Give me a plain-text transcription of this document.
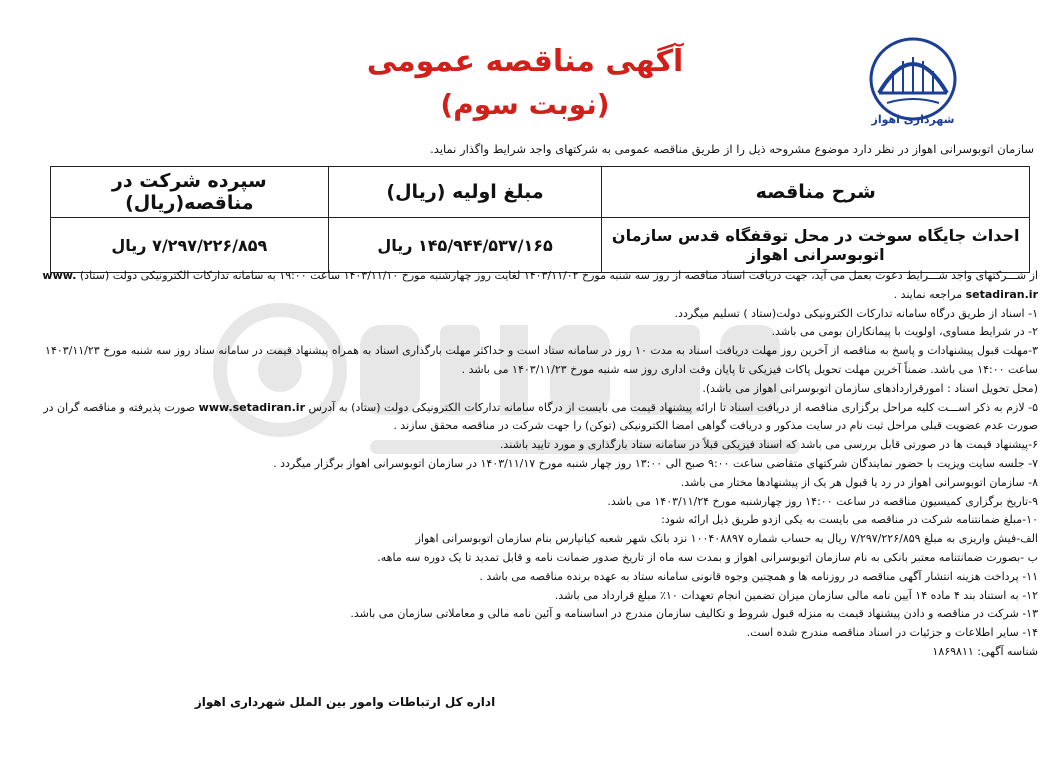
شهرداری اهواز
آگهی مناقصه عمومی
(نوبت سوم)
سازمان اتوبوسرانی اهواز در نظر دارد موضوع مشروحه ذیل را از طریق مناقصه عمومی به شرکتهای واجد شرایط واگذار نماید.
شرح مناقصه	مبلغ اولیه (ریال)	سپرده شرکت در مناقصه(ریال)
احداث جایگاه سوخت در محل توقفگاه قدس سازمان اتوبوسرانی اهواز	۱۴۵/۹۴۴/۵۳۷/۱۶۵ ریال	۷/۲۹۷/۲۲۶/۸۵۹ ریال

از شـــرکتهای واجد شـــرایط دعوت بعمل می آید، جهت دریافت اسناد مناقصه از روز سه شنبه مورخ ۱۴۰۳/۱۱/۰۲ لغایت روز چهارشنبه مورخ ۱۴۰۳/۱۱/۱۰ ساعت ۱۹:۰۰ به سامانه تدارکات الکترونیکی دولت (ستاد) www.

setadiran.ir مراجعه نمایند .

۱- اسناد از طریق درگاه سامانه تدارکات الکترونیکی دولت(ستاد ) تسلیم میگردد.

۲- در شرایط مساوی، اولویت با پیمانکاران بومی می باشد.

۳-مهلت قبول پیشنهادات و پاسخ به مناقصه از آخرین روز مهلت دریافت اسناد به مدت ۱۰ روز در سامانه ستاد است و حداکثر مهلت بارگذاری اسناد به همراه پیشنهاد قیمت در سامانه ستاد روز سه شنبه مورخ ۱۴۰۳/۱۱/۲۳

ساعت ۱۴:۰۰ می باشد. ضمناً آخرین مهلت تحویل پاکات فیزیکی تا پایان وقت اداری روز سه شنبه مورخ ۱۴۰۳/۱۱/۲۳ می باشد .

(محل تحویل اسناد : امورقراردادهای سازمان اتوبوسرانی اهواز می باشد).

۵- لازم به ذکر اســـت کلیه مراحل برگزاری مناقصه از دریافت اسناد تا ارائه پیشنهاد قیمت می بایست از درگاه سامانه تدارکات الکترونیکی دولت (ستاد) به آدرس www.setadiran.ir صورت پذیرفته و مناقصه گران در

صورت عدم عضویت قبلی مراحل ثبت نام در سایت مذکور و دریافت گواهی امضا الکترونیکی (توکن) را جهت شرکت در مناقصه محقق سازند .

۶-پیشنهاد قیمت ها در صورتی قابل بررسی می باشد که اسناد فیزیکی قبلاً در سامانه ستاد بارگذاری و مورد تایید باشند.

۷- جلسه سایت ویزیت با حضور نمایندگان شرکتهای متقاضی ساعت ۹:۰۰ صبح الی ۱۳:۰۰ روز چهار شنبه مورخ ۱۴۰۳/۱۱/۱۷ در سازمان اتوبوسرانی اهواز برگزار میگردد .

۸- سازمان اتوبوسرانی اهواز در رد یا قبول هر یک از پیشنهادها مختار می باشد.

۹-تاریخ برگزاری کمیسیون مناقصه در ساعت ۱۴:۰۰ روز چهارشنبه مورخ ۱۴۰۳/۱۱/۲۴ می باشد.

۱۰-مبلغ ضمانتنامه شرکت در مناقصه می بایست به یکی ازدو طریق ذیل ارائه شود:

الف-فیش واریزی به مبلغ ۷/۲۹۷/۲۲۶/۸۵۹ ریال به حساب شماره ۱۰۰۴۰۸۸۹۷ نزد بانک شهر شعبه کیانپارس بنام سازمان اتوبوسرانی اهواز

ب -بصورت ضمانتنامه معتبر بانکی به نام سازمان اتوبوسرانی اهواز و بمدت سه ماه از تاریخ صدور ضمانت نامه و قابل تمدید تا یک دوره سه ماهه.

۱۱- پرداخت هزینه انتشار آگهی مناقصه در روزنامه ها و همچنین وجوه قانونی سامانه ستاد به عهده برنده مناقصه می باشد .

۱۲- به استناد بند ۴ ماده ۱۴ آیین نامه مالی سازمان میزان تضمین انجام تعهدات ۱۰٪ مبلغ قرارداد می باشد.

۱۳- شرکت در مناقصه و دادن پیشنهاد قیمت به منزله قبول شروط و تکالیف سازمان مندرج در اساسنامه و آئین نامه مالی و معاملاتی سازمان می باشد.

۱۴- سایر اطلاعات و جزئیات در اسناد مناقصه مندرج شده است.

شناسه آگهی: ۱۸۶۹۸۱۱

اداره کل ارتباطات وامور بین الملل شهرداری اهواز
